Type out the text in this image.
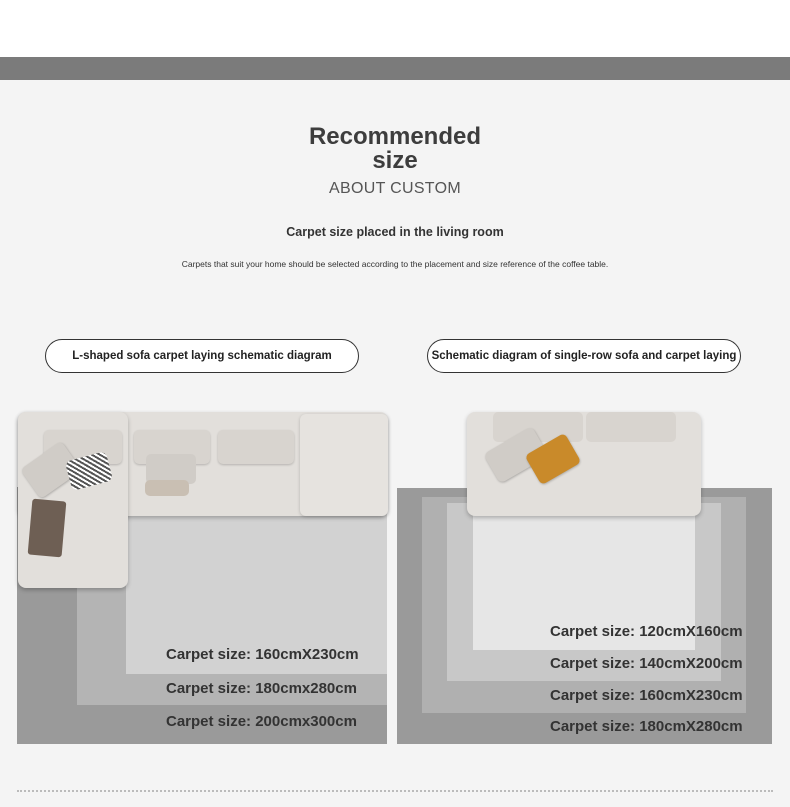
Recommended
size
ABOUT CUSTOM
Carpet size placed in the living room
Carpets that suit your home should be selected according to the placement and size reference of the coffee table.
L-shaped sofa carpet laying schematic diagram	Schematic diagram of single-row sofa and carpet laying
Carpet size: 160cmX230cm
Carpet size: 180cmx280cm
Carpet size: 200cmx300cm
Carpet size: 120cmX160cm
Carpet size: 140cmX200cm
Carpet size: 160cmX230cm
Carpet size: 180cmX280cm
